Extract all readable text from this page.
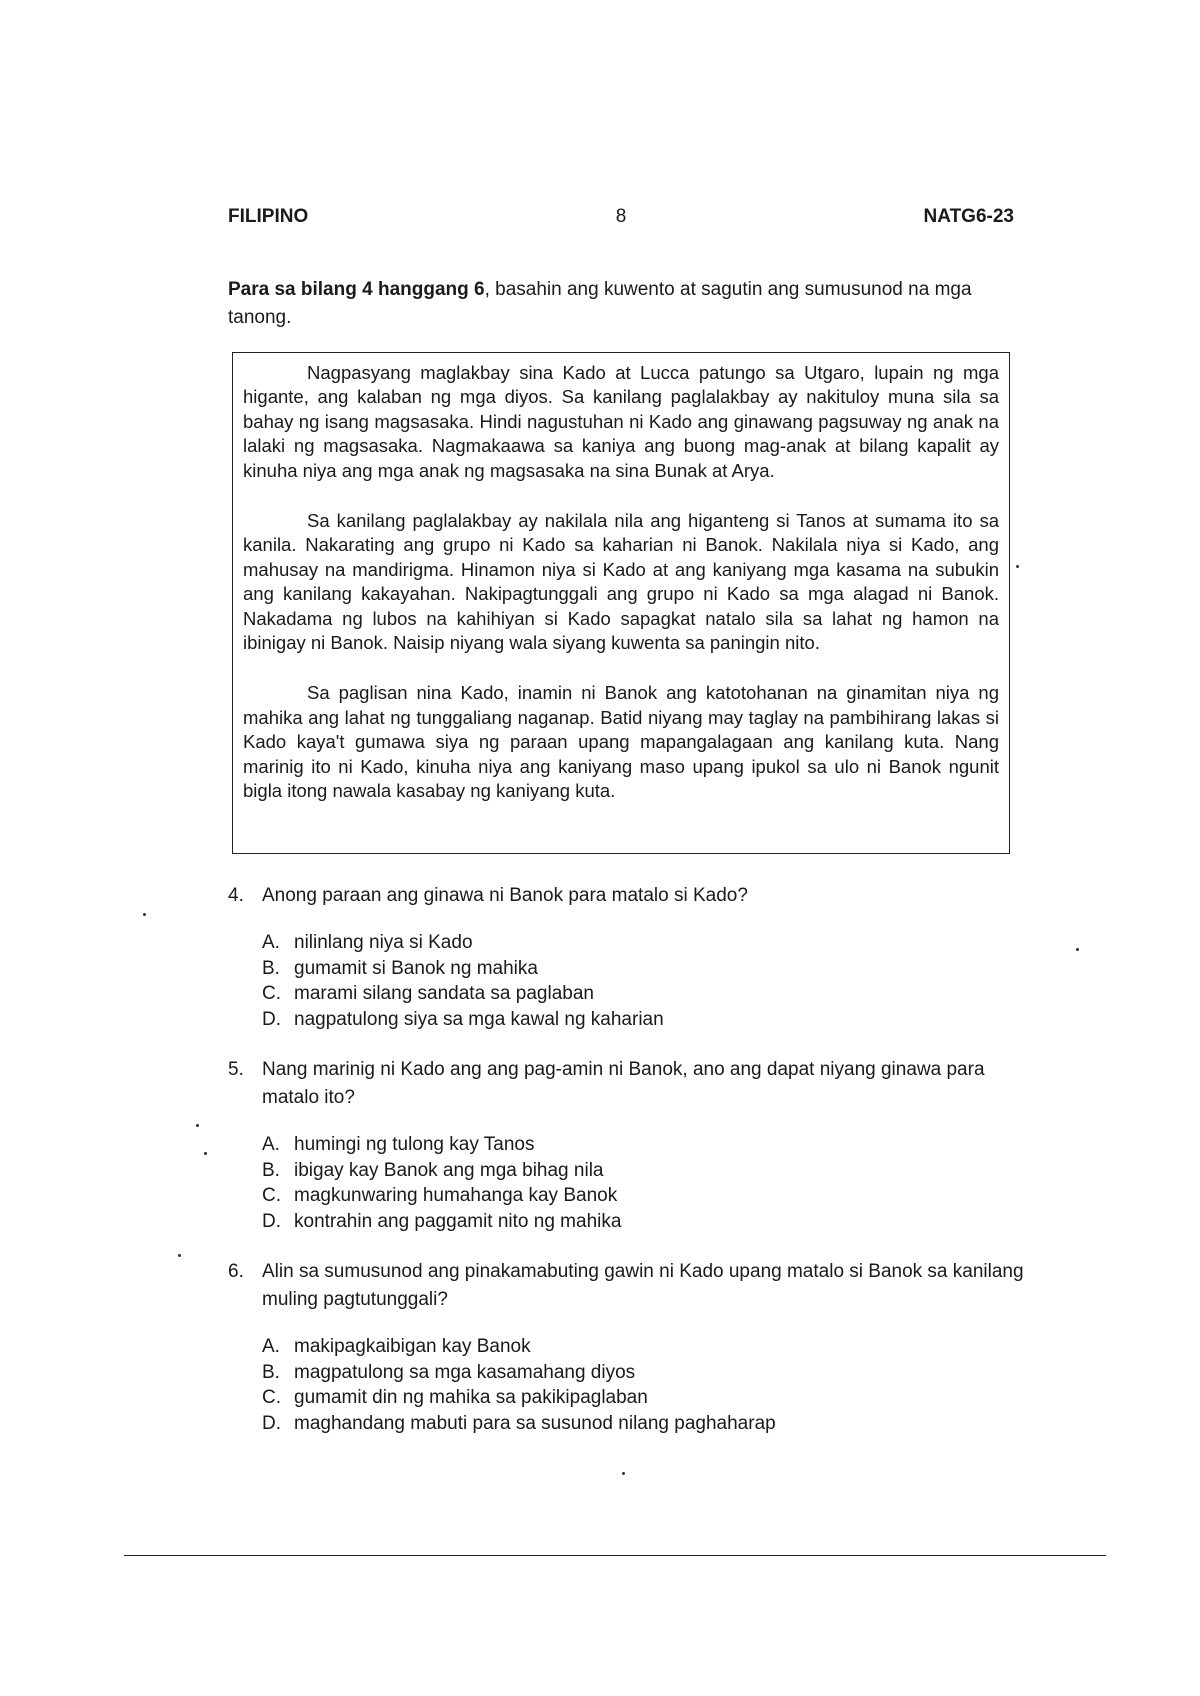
FILIPINO	8	NATG6-23

Para sa bilang 4 hanggang 6, basahin ang kuwento at sagutin ang sumusunod na mga tanong.

Nagpasyang maglakbay sina Kado at Lucca patungo sa Utgaro, lupain ng mga higante, ang kalaban ng mga diyos. Sa kanilang paglalakbay ay nakituloy muna sila sa bahay ng isang magsasaka. Hindi nagustuhan ni Kado ang ginawang pagsuway ng anak na lalaki ng magsasaka. Nagmakaawa sa kaniya ang buong mag-anak at bilang kapalit ay kinuha niya ang mga anak ng magsasaka na sina Bunak at Arya.

Sa kanilang paglalakbay ay nakilala nila ang higanteng si Tanos at sumama ito sa kanila. Nakarating ang grupo ni Kado sa kaharian ni Banok. Nakilala niya si Kado, ang mahusay na mandirigma. Hinamon niya si Kado at ang kaniyang mga kasama na subukin ang kanilang kakayahan. Nakipagtunggali ang grupo ni Kado sa mga alagad ni Banok. Nakadama ng lubos na kahihiyan si Kado sapagkat natalo sila sa lahat ng hamon na ibinigay ni Banok. Naisip niyang wala siyang kuwenta sa paningin nito.

Sa paglisan nina Kado, inamin ni Banok ang katotohanan na ginamitan niya ng mahika ang lahat ng tunggaliang naganap. Batid niyang may taglay na pambihirang lakas si Kado kaya't gumawa siya ng paraan upang mapangalagaan ang kanilang kuta. Nang marinig ito ni Kado, kinuha niya ang kaniyang maso upang ipukol sa ulo ni Banok ngunit bigla itong nawala kasabay ng kaniyang kuta.

4. Anong paraan ang ginawa ni Banok para matalo si Kado?

A. nilinlang niya si Kado
B. gumamit si Banok ng mahika
C. marami silang sandata sa paglaban
D. nagpatulong siya sa mga kawal ng kaharian
5. Nang marinig ni Kado ang ang pag-amin ni Banok, ano ang dapat niyang ginawa para matalo ito?

A. humingi ng tulong kay Tanos
B. ibigay kay Banok ang mga bihag nila
C. magkunwaring humahanga kay Banok
D. kontrahin ang paggamit nito ng mahika
6. Alin sa sumusunod ang pinakamabuting gawin ni Kado upang matalo si Banok sa kanilang muling pagtutunggali?

A. makipagkaibigan kay Banok
B. magpatulong sa mga kasamahang diyos
C. gumamit din ng mahika sa pakikipaglaban
D. maghandang mabuti para sa susunod nilang paghaharap
